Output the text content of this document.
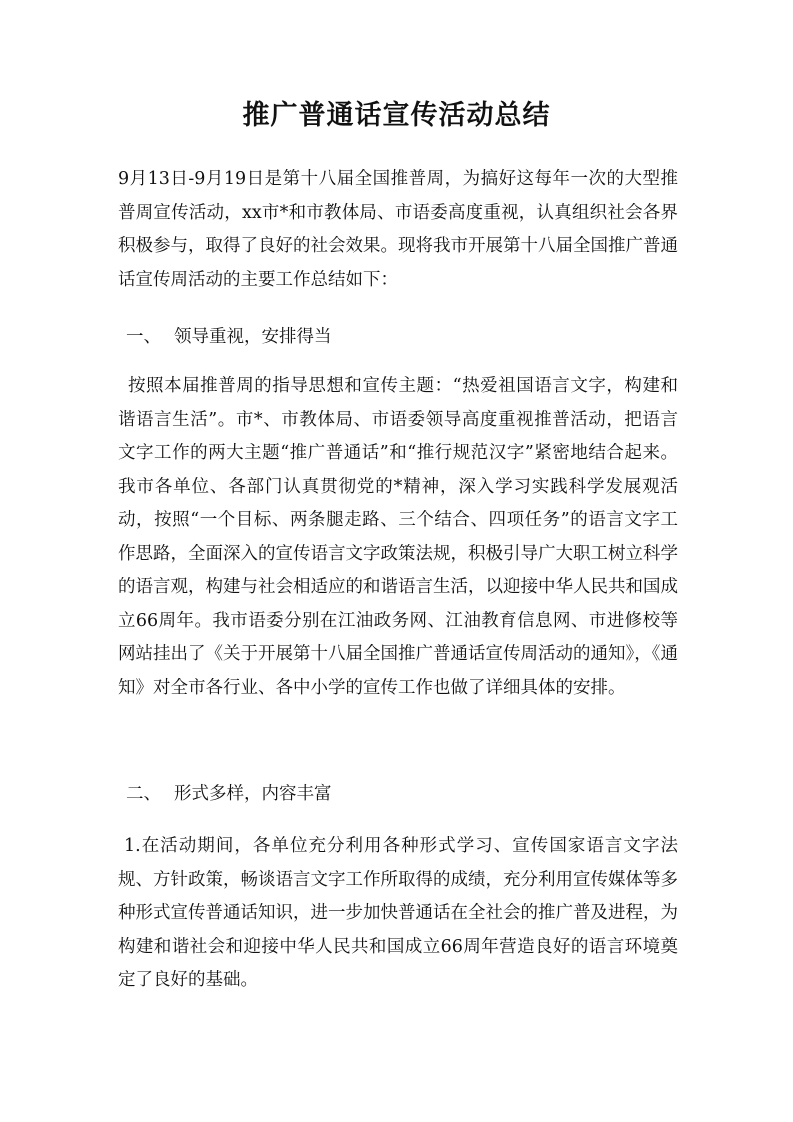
推广普通话宣传活动总结

9月13日-9月19日是第十八届全国推普周，为搞好这每年一次的大型推普周宣传活动，xx市*和市教体局、市语委高度重视，认真组织社会各界积极参与，取得了良好的社会效果。现将我市开展第十八届全国推广普通话宣传周活动的主要工作总结如下：

一、 领导重视，安排得当

按照本届推普周的指导思想和宣传主题：“热爱祖国语言文字，构建和谐语言生活”。市*、市教体局、市语委领导高度重视推普活动，把语言文字工作的两大主题“推广普通话”和“推行规范汉字”紧密地结合起来。我市各单位、各部门认真贯彻党的*精神，深入学习实践科学发展观活动，按照“一个目标、两条腿走路、三个结合、四项任务”的语言文字工作思路，全面深入的宣传语言文字政策法规，积极引导广大职工树立科学的语言观，构建与社会相适应的和谐语言生活，以迎接中华人民共和国成立66周年。我市语委分别在江油政务网、江油教育信息网、市进修校等网站挂出了《关于开展第十八届全国推广普通话宣传周活动的通知》，《通知》对全市各行业、各中小学的宣传工作也做了详细具体的安排。

二、 形式多样，内容丰富

1.在活动期间，各单位充分利用各种形式学习、宣传国家语言文字法规、方针政策，畅谈语言文字工作所取得的成绩，充分利用宣传媒体等多种形式宣传普通话知识，进一步加快普通话在全社会的推广普及进程，为构建和谐社会和迎接中华人民共和国成立66周年营造良好的语言环境奠定了良好的基础。
